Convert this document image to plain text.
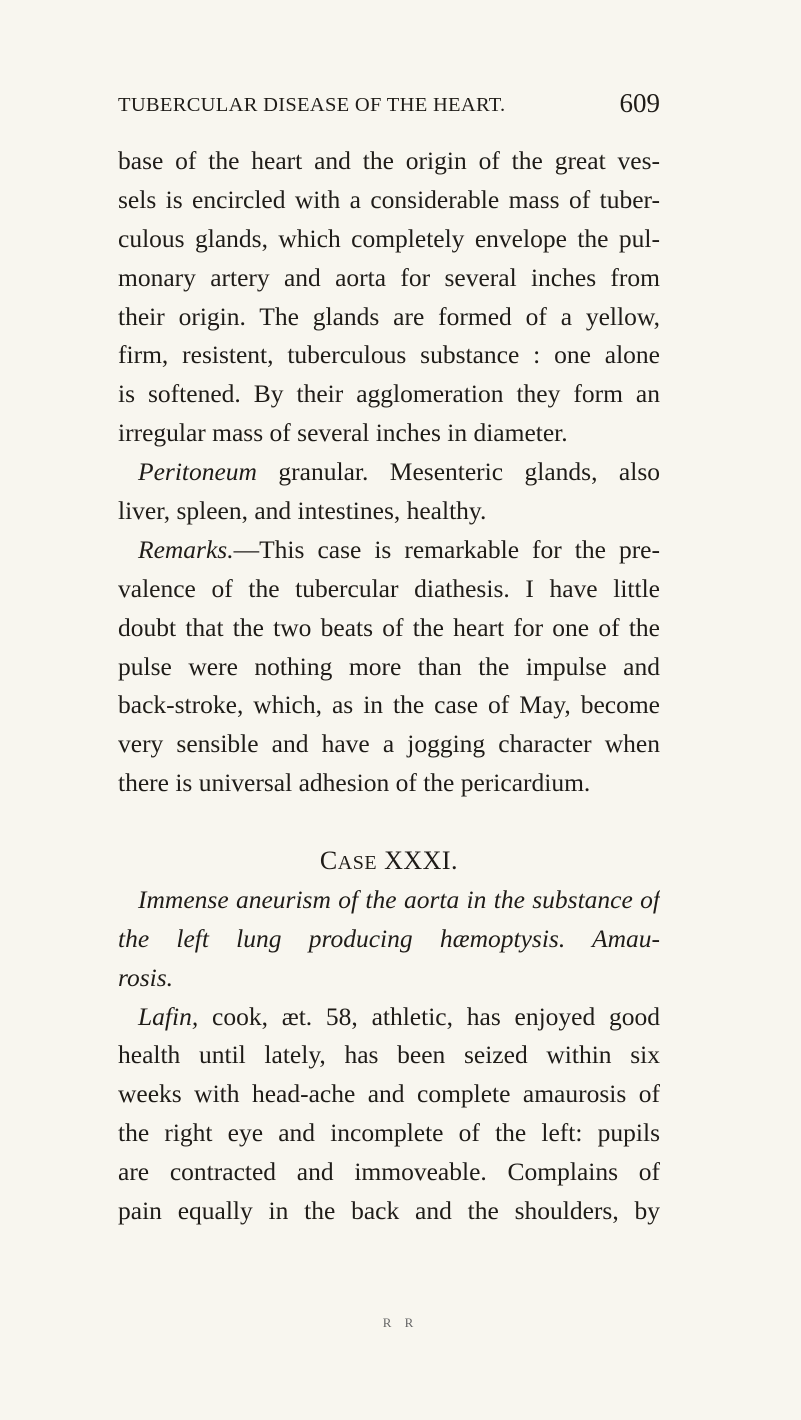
TUBERCULAR DISEASE OF THE HEART.	609
base of the heart and the origin of the great ves-
sels is encircled with a considerable mass of tuber-
culous glands, which completely envelope the pul-
monary artery and aorta for several inches from
their origin. The glands are formed of a yellow,
firm, resistent, tuberculous substance : one alone
is softened. By their agglomeration they form an
irregular mass of several inches in diameter.
Peritoneum granular. Mesenteric glands, also
liver, spleen, and intestines, healthy.
Remarks.—This case is remarkable for the pre-
valence of the tubercular diathesis. I have little
doubt that the two beats of the heart for one of the
pulse were nothing more than the impulse and
back-stroke, which, as in the case of May, become
very sensible and have a jogging character when
there is universal adhesion of the pericardium.
CASE XXXI.
Immense aneurism of the aorta in the substance of
the left lung producing hæmoptysis. Amau-
rosis.
Lafin, cook, æt. 58, athletic, has enjoyed good
health until lately, has been seized within six
weeks with head-ache and complete amaurosis of
the right eye and incomplete of the left: pupils
are contracted and immoveable. Complains of
pain equally in the back and the shoulders, by
R R
